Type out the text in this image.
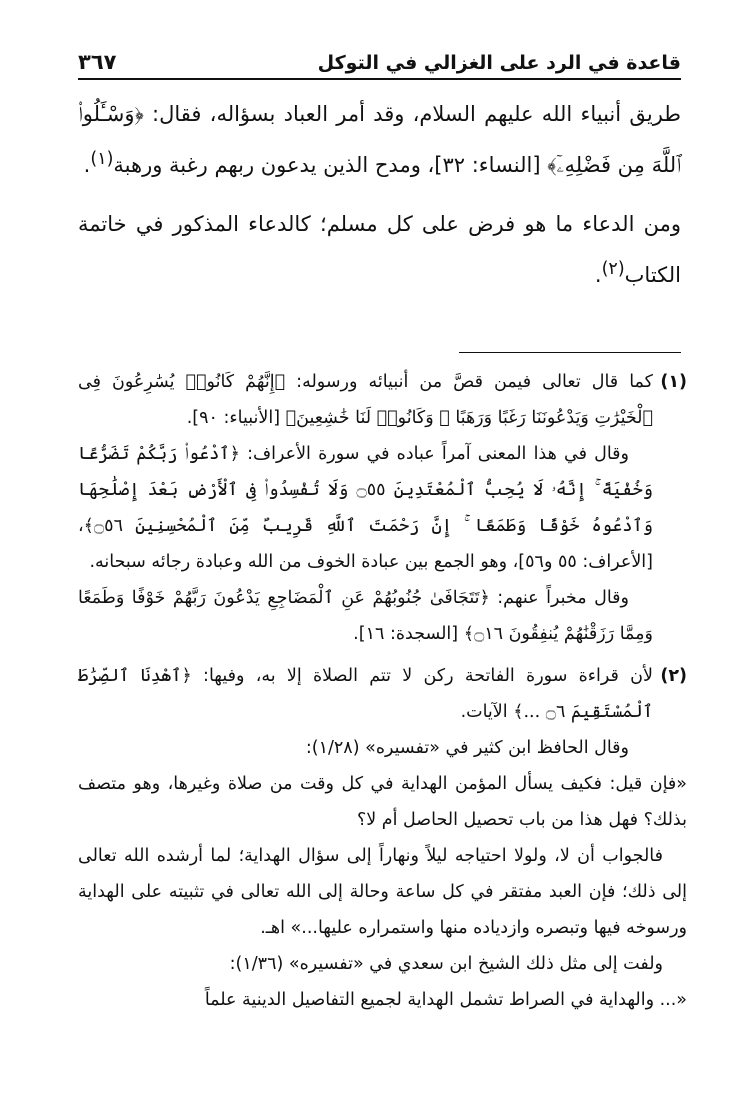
قاعدة في الرد على الغزالي في التوكل
٣٦٧

طريق أنبياء الله عليهم السلام، وقد أمر العباد بسؤاله، فقال: ﴿وَسْـَٔلُوا۟ ٱللَّهَ مِن فَضْلِهِۦٓ﴾ [النساء: ٣٢]، ومدح الذين يدعون ربهم رغبة ورهبة$^{(١)}$.

ومن الدعاء ما هو فرض على كل مسلم؛ كالدعاء المذكور في خاتمة الكتاب$^{(٢)}$.

(١)

كما قال تعالى فيمن قصَّ من أنبيائه ورسوله: ﴿إِنَّهُمْ كَانُوا۟ يُسَٰرِعُونَ فِى ٱلْخَيْرَٰتِ وَيَدْعُونَنَا رَغَبًا وَرَهَبًا ۖ وَكَانُوا۟ لَنَا خَٰشِعِينَ﴾ [الأنبياء: ٩٠].

وقال في هذا المعنى آمراً عباده في سورة الأعراف: ﴿ٱدْعُوا۟ رَبَّكُمْ تَضَرُّعًا وَخُفْيَةً ۚ إِنَّهُۥ لَا يُحِبُّ ٱلْمُعْتَدِينَ ۝٥٥ وَلَا تُفْسِدُوا۟ فِى ٱلْأَرْضِ بَعْدَ إِصْلَٰحِهَا وَٱدْعُوهُ خَوْفًا وَطَمَعًا ۚ إِنَّ رَحْمَتَ ٱللَّهِ قَرِيبٌ مِّنَ ٱلْمُحْسِنِينَ ۝٥٦﴾، [الأعراف: ٥٥ و٥٦]، وهو الجمع بين عبادة الخوف من الله وعبادة رجائه سبحانه.

وقال مخبراً عنهم: ﴿تَتَجَافَىٰ جُنُوبُهُمْ عَنِ ٱلْمَضَاجِعِ يَدْعُونَ رَبَّهُمْ خَوْفًا وَطَمَعًا وَمِمَّا رَزَقْنَٰهُمْ يُنفِقُونَ ۝١٦﴾ [السجدة: ١٦].

(٢)

لأن قراءة سورة الفاتحة ركن لا تتم الصلاة إلا به، وفيها: ﴿ٱهْدِنَا ٱلصِّرَٰطَ ٱلْمُسْتَقِيمَ ۝٦ ...﴾ الآيات.

وقال الحافظ ابن كثير في «تفسيره» (١/٢٨):

«فإن قيل: فكيف يسأل المؤمن الهداية في كل وقت من صلاة وغيرها، وهو متصف بذلك؟ فهل هذا من باب تحصيل الحاصل أم لا؟

فالجواب أن لا، ولولا احتياجه ليلاً ونهاراً إلى سؤال الهداية؛ لما أرشده الله تعالى إلى ذلك؛ فإن العبد مفتقر في كل ساعة وحالة إلى الله تعالى في تثبيته على الهداية ورسوخه فيها وتبصره وازدياده منها واستمراره عليها...» اهـ.

ولفت إلى مثل ذلك الشيخ ابن سعدي في «تفسيره» (١/٣٦):

«... والهداية في الصراط تشمل الهداية لجميع التفاصيل الدينية علماً
